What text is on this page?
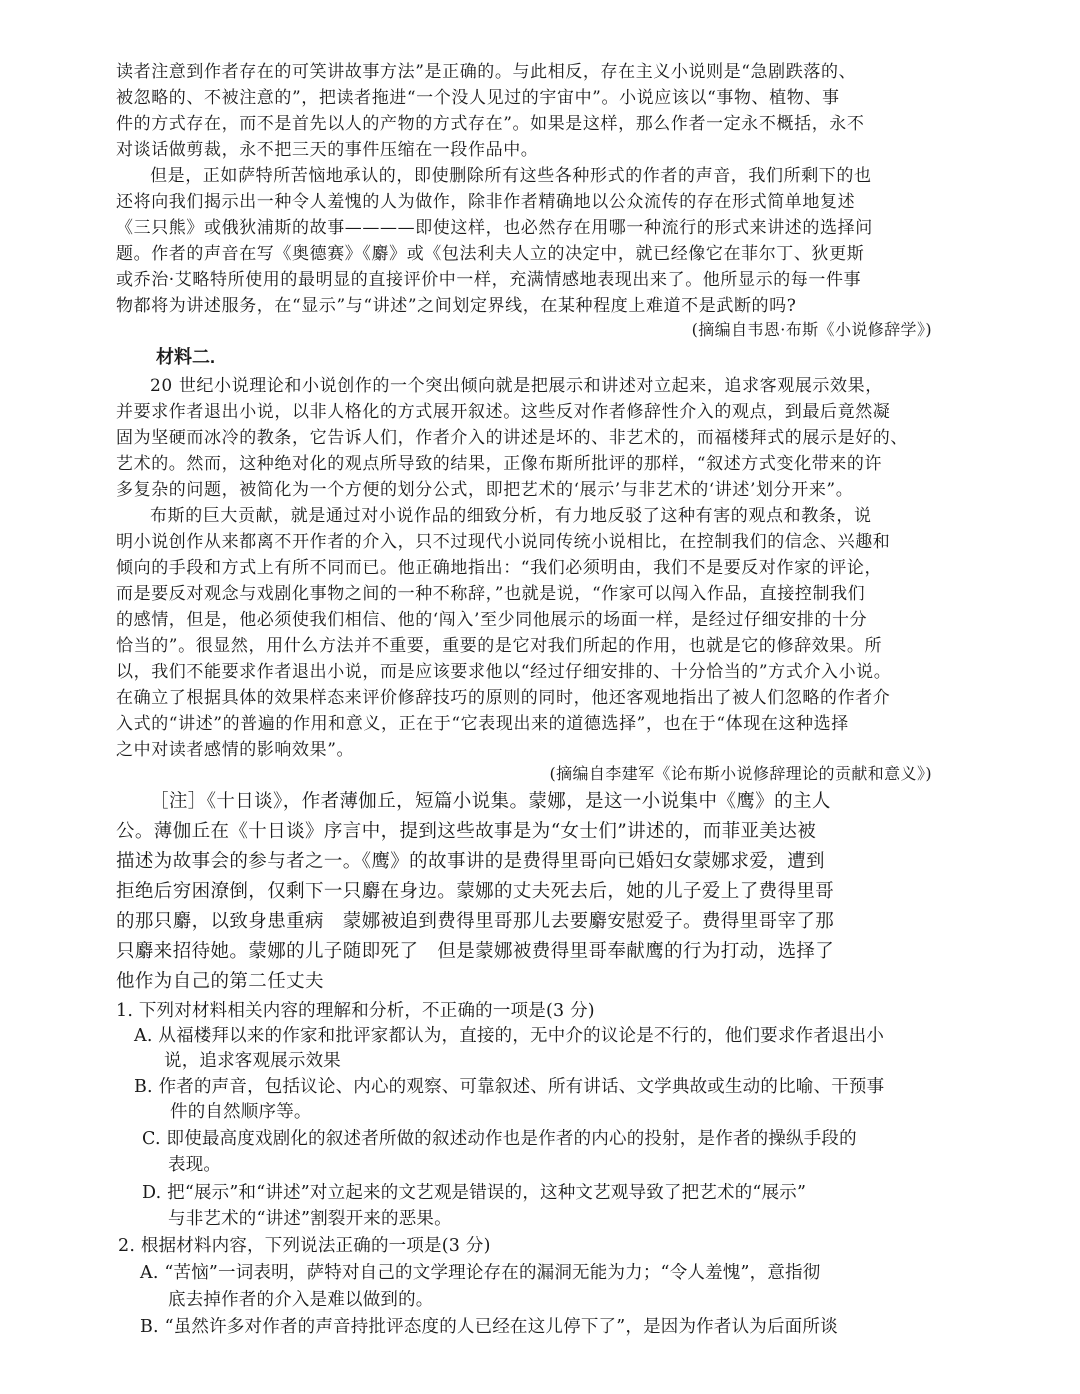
读者注意到作者存在的可笑讲故事方法”是正确的。与此相反，存在主义小说则是“急剧跌落的、
被忽略的、不被注意的”，把读者拖进“一个没人见过的宇宙中”。小说应该以“事物、植物、事
件的方式存在，而不是首先以人的产物的方式存在”。如果是这样，那么作者一定永不概括，永不
对谈话做剪裁，永不把三天的事件压缩在一段作品中。
但是，正如萨特所苦恼地承认的，即使删除所有这些各种形式的作者的声音，我们所剩下的也
还将向我们揭示出一种令人羞愧的人为做作，除非作者精确地以公众流传的存在形式简单地复述
《三只熊》或俄狄浦斯的故事————即使这样，也必然存在用哪一种流行的形式来讲述的选择问
题。作者的声音在写《奥德赛》《麝》或《包法利夫人立的决定中，就已经像它在菲尔丁、狄更斯
或乔治·艾略特所使用的最明显的直接评价中一样，充满情感地表现出来了。他所显示的每一件事
物都将为讲述服务，在“显示”与“讲述”之间划定界线，在某种程度上难道不是武断的吗?
(摘编自韦恩·布斯《小说修辞学》)
材料二.
20 世纪小说理论和小说创作的一个突出倾向就是把展示和讲述对立起来，追求客观展示效果，
并要求作者退出小说，以非人格化的方式展开叙述。这些反对作者修辞性介入的观点，到最后竟然凝
固为坚硬而冰冷的教条，它告诉人们，作者介入的讲述是坏的、非艺术的，而福楼拜式的展示是好的、
艺术的。然而，这种绝对化的观点所导致的结果，正像布斯所批评的那样，“叙述方式变化带来的许
多复杂的问题，被简化为一个方便的划分公式，即把艺术的‘展示’与非艺术的‘讲述’划分开来”。
布斯的巨大贡献，就是通过对小说作品的细致分析，有力地反驳了这种有害的观点和教条，说
明小说创作从来都离不开作者的介入，只不过现代小说同传统小说相比，在控制我们的信念、兴趣和
倾向的手段和方式上有所不同而已。他正确地指出：“我们必须明由，我们不是要反对作家的评论，
而是要反对观念与戏剧化事物之间的一种不称辞，”也就是说，“作家可以闯入作品，直接控制我们
的感情，但是，他必须使我们相信、他的‘闯入’至少同他展示的场面一样，是经过仔细安排的十分
恰当的”。很显然，用什么方法并不重要，重要的是它对我们所起的作用，也就是它的修辞效果。所
以，我们不能要求作者退出小说，而是应该要求他以“经过仔细安排的、十分恰当的”方式介入小说。
在确立了根据具体的效果样态来评价修辞技巧的原则的同时，他还客观地指出了被人们忽略的作者介
入式的“讲述”的普遍的作用和意义，正在于“它表现出来的道德选择”，也在于“体现在这种选择
之中对读者感情的影响效果”。
(摘编自李建军《论布斯小说修辞理论的贡献和意义》)
［注］《十日谈》，作者薄伽丘，短篇小说集。蒙娜，是这一小说集中《鹰》的主人
公。薄伽丘在《十日谈》序言中，提到这些故事是为“女士们”讲述的，而菲亚美达被
描述为故事会的参与者之一。《鹰》的故事讲的是费得里哥向已婚妇女蒙娜求爱，遭到
拒绝后穷困潦倒，仅剩下一只麝在身边。蒙娜的丈夫死去后，她的儿子爱上了费得里哥
的那只麝，以致身患重病　蒙娜被追到费得里哥那儿去要麝安慰爱子。费得里哥宰了那
只麝来招待她。蒙娜的儿子随即死了　但是蒙娜被费得里哥奉献鹰的行为打动，选择了
他作为自己的第二任丈夫
1. 下列对材料相关内容的理解和分析，不正确的一项是(3 分)
A. 从福楼拜以来的作家和批评家都认为，直接的，无中介的议论是不行的，他们要求作者退出小
说，追求客观展示效果
B. 作者的声音，包括议论、内心的观察、可靠叙述、所有讲话、文学典故或生动的比喻、干预事
件的自然顺序等。
C. 即使最高度戏剧化的叙述者所做的叙述动作也是作者的内心的投射，是作者的操纵手段的
表现。
D. 把“展示”和“讲述”对立起来的文艺观是错误的，这种文艺观导致了把艺术的“展示”
与非艺术的“讲述”割裂开来的恶果。
2. 根据材料内容，下列说法正确的一项是(3 分)
A. “苦恼”一词表明，萨特对自己的文学理论存在的漏洞无能为力；“令人羞愧”，意指彻
底去掉作者的介入是难以做到的。
B. “虽然许多对作者的声音持批评态度的人已经在这儿停下了”，是因为作者认为后面所谈
